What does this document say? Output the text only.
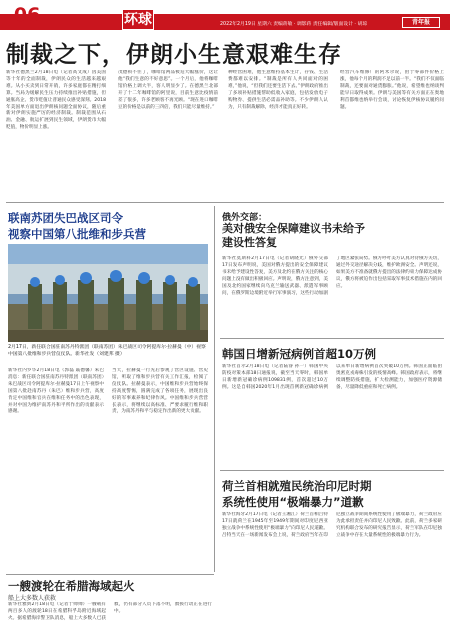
-06	环球	2022年2月19日 星期六 责编蒋敏 · 调影蒋 责任编辑/版面设计 · 胡琼	青年报
制裁之下，伊朗小生意艰难生存
新华社德黑兰2月18日电（记者高文成）因美国等十年的全面制裁，伊朗民众的生活越来越艰难。从小买卖到日常开销，许多家庭都在精打细算。当局为缓解民生压力持续推出补贴措施，但通胀高企、货币贬值让普通民众感受深刻。2018年美国单方面退出伊朗核问题全面协议，随后重新对伊朗实施严厉的经济制裁。制裁范围从石油、金融、航运扩展到民生领域，伊朗货币大幅贬值，物价明显上涨。
茂德祺不住了，咖啡馆两品被迫大幅涨价，这让他“我们生意的不好意思”。一个月后，他将咖啡馆价格上调大半，客人明显少了。在德黑兰北部开了十二年咖啡馆的阿里说，目前生意比疫情前差了很多，许多老顾客不再光顾。“现在进口咖啡豆的价格是以前的三四倍，我们只能尽量维持。”
种经营困难，他生意维持基本生计，存钱、生活费都难以安排。“制裁是所有人共同面对的困难，”他说，“但我们还要生活下去。”伊朗政府推出了多项补贴措施帮助低收入家庭，包括发放电子购物券、提供生活必需品补助等。不少伊朗人认为，只有制裁解除，经济才能真正好转。
经营汽车维修厂的阿米尔说，由于零部件价格上涨，他每个月的利润不足以前一半。“我们不仅面临制裁，还要面对通货膨胀。”他说，希望维也纳谈判能早日取得成果。伊朗与美国等有关方面正在奥地利首都维也纳举行会谈，讨论恢复伊核协议履约问题。
联南苏团失巴战区司令
视察中国第八批维和步兵营
2月17日，新任联合国驻南苏丹特派团（联南苏团）朱巴战区司令阿提库尔·拉赫曼（中）视察中国第八批维和步兵营仪仗队。新华社发（刘建邦 摄）
新华社内罗毕2月18日电（郭磊 戚德馨）朱巴消息：新任联合国驻南苏丹特派团（联南苏团）朱巴战区司令阿提库尔·拉赫曼17日上午视察中国第八批赴南苏丹（朱巴）维和步兵营，高度肯定中国维和官兵在维和任务中的出色表现，并对中国为维护南苏丹和平所作出的贡献表示感谢。
当天，拉赫曼一行先后参观了营区设施、营史馆，听取了维和步兵营有关工作汇报，检阅了仪仗队。拉赫曼表示，中国维和步兵营始终保持高度警惕，圆满完成了各项任务，展现出良好的军事素养和纪律作风。中国维和步兵营营长表示，将继续以高标准、严要求履行维和职责，为南苏丹和平与稳定作出新的更大贡献。
俄外交部：
美对俄安全保障建议书未给予建设性答复
新华社莫斯科2月17日电（记者胡晓光）俄外交部17日发布声明说，美国对俄方提出的安全保障建议书未给予建设性答复，美方及北约在俄方关注的核心问题上没有做出积极回应。声明说，俄方注意到，美国及北约国家继续向乌克兰输送武器、派遣军事顾问，在俄罗斯边境附近举行军事演习，这些行动加剧了地区紧张局势。俄方呼吁美方认真对待俄方关切，通过外交途径解决分歧，维护欧洲安全。声明还说，如果美方不准备就俄方提出的法律约束力保障达成协议，俄方将被迫作出包括采取军事技术措施在内的回应。
韩国日增新冠病例首超10万例
新华社首尔2月18日电（记者陆睿 孙一）韩国中央防疫对策本部18日通报说，截至当天零时，韩国单日新增新冠确诊病例109831例，首次超过10万例。这是自韩国2020年1月出现首例新冠确诊病例以来单日新增病例首次突破10万例。韩国正面临由奥密克戎毒株引发的疫情高峰。韩国政府表示，将继续调整防疫措施，扩大检测能力，加强医疗资源储备，尽量降低重症和死亡病例。
荷兰首相就殖民统治印尼时期
系统性使用“极端暴力”道歉
新华社海牙2月17日电（记者王湘江）荷兰首相吕特17日就荷兰在1945年至1949年期间对印度尼西亚独立战争中系统性使用“极端暴力”向印尼人民道歉。吕特当天在一场新闻发布会上说，荷兰政府当年在印尼独立战争期间系统性使用了极端暴力，荷兰政府应为此承担责任并向印尼人民致歉。此前，荷兰多家研究机构联合发布的研究报告显示，荷兰军队在印尼独立战争中存在大量系统性的极端暴力行为。
一艘渡轮在希腊海域起火
船上大多数人获救
新华社雅典2月18日电（记者于帅帅）一艘载有两百多人的渡轮18日在希腊科孚岛附近海域起火。据希腊海岸警卫队消息，船上大多数人已获救，仍有部分人员下落不明，救援行动正在进行中。
